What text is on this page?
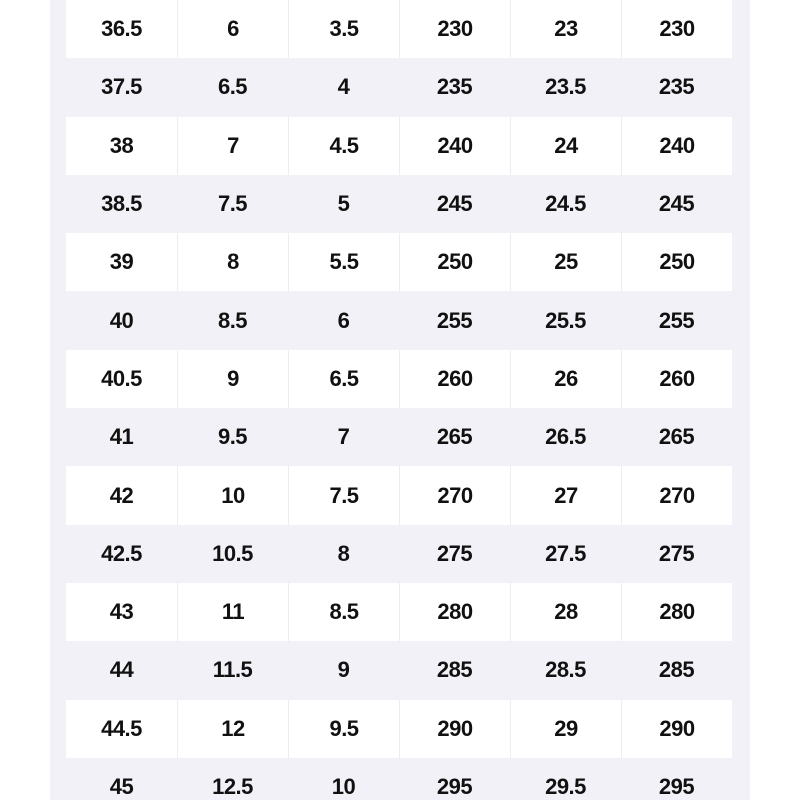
36.5	6	3.5	230	23	230
37.5	6.5	4	235	23.5	235
38	7	4.5	240	24	240
38.5	7.5	5	245	24.5	245
39	8	5.5	250	25	250
40	8.5	6	255	25.5	255
40.5	9	6.5	260	26	260
41	9.5	7	265	26.5	265
42	10	7.5	270	27	270
42.5	10.5	8	275	27.5	275
43	11	8.5	280	28	280
44	11.5	9	285	28.5	285
44.5	12	9.5	290	29	290
45	12.5	10	295	29.5	295
